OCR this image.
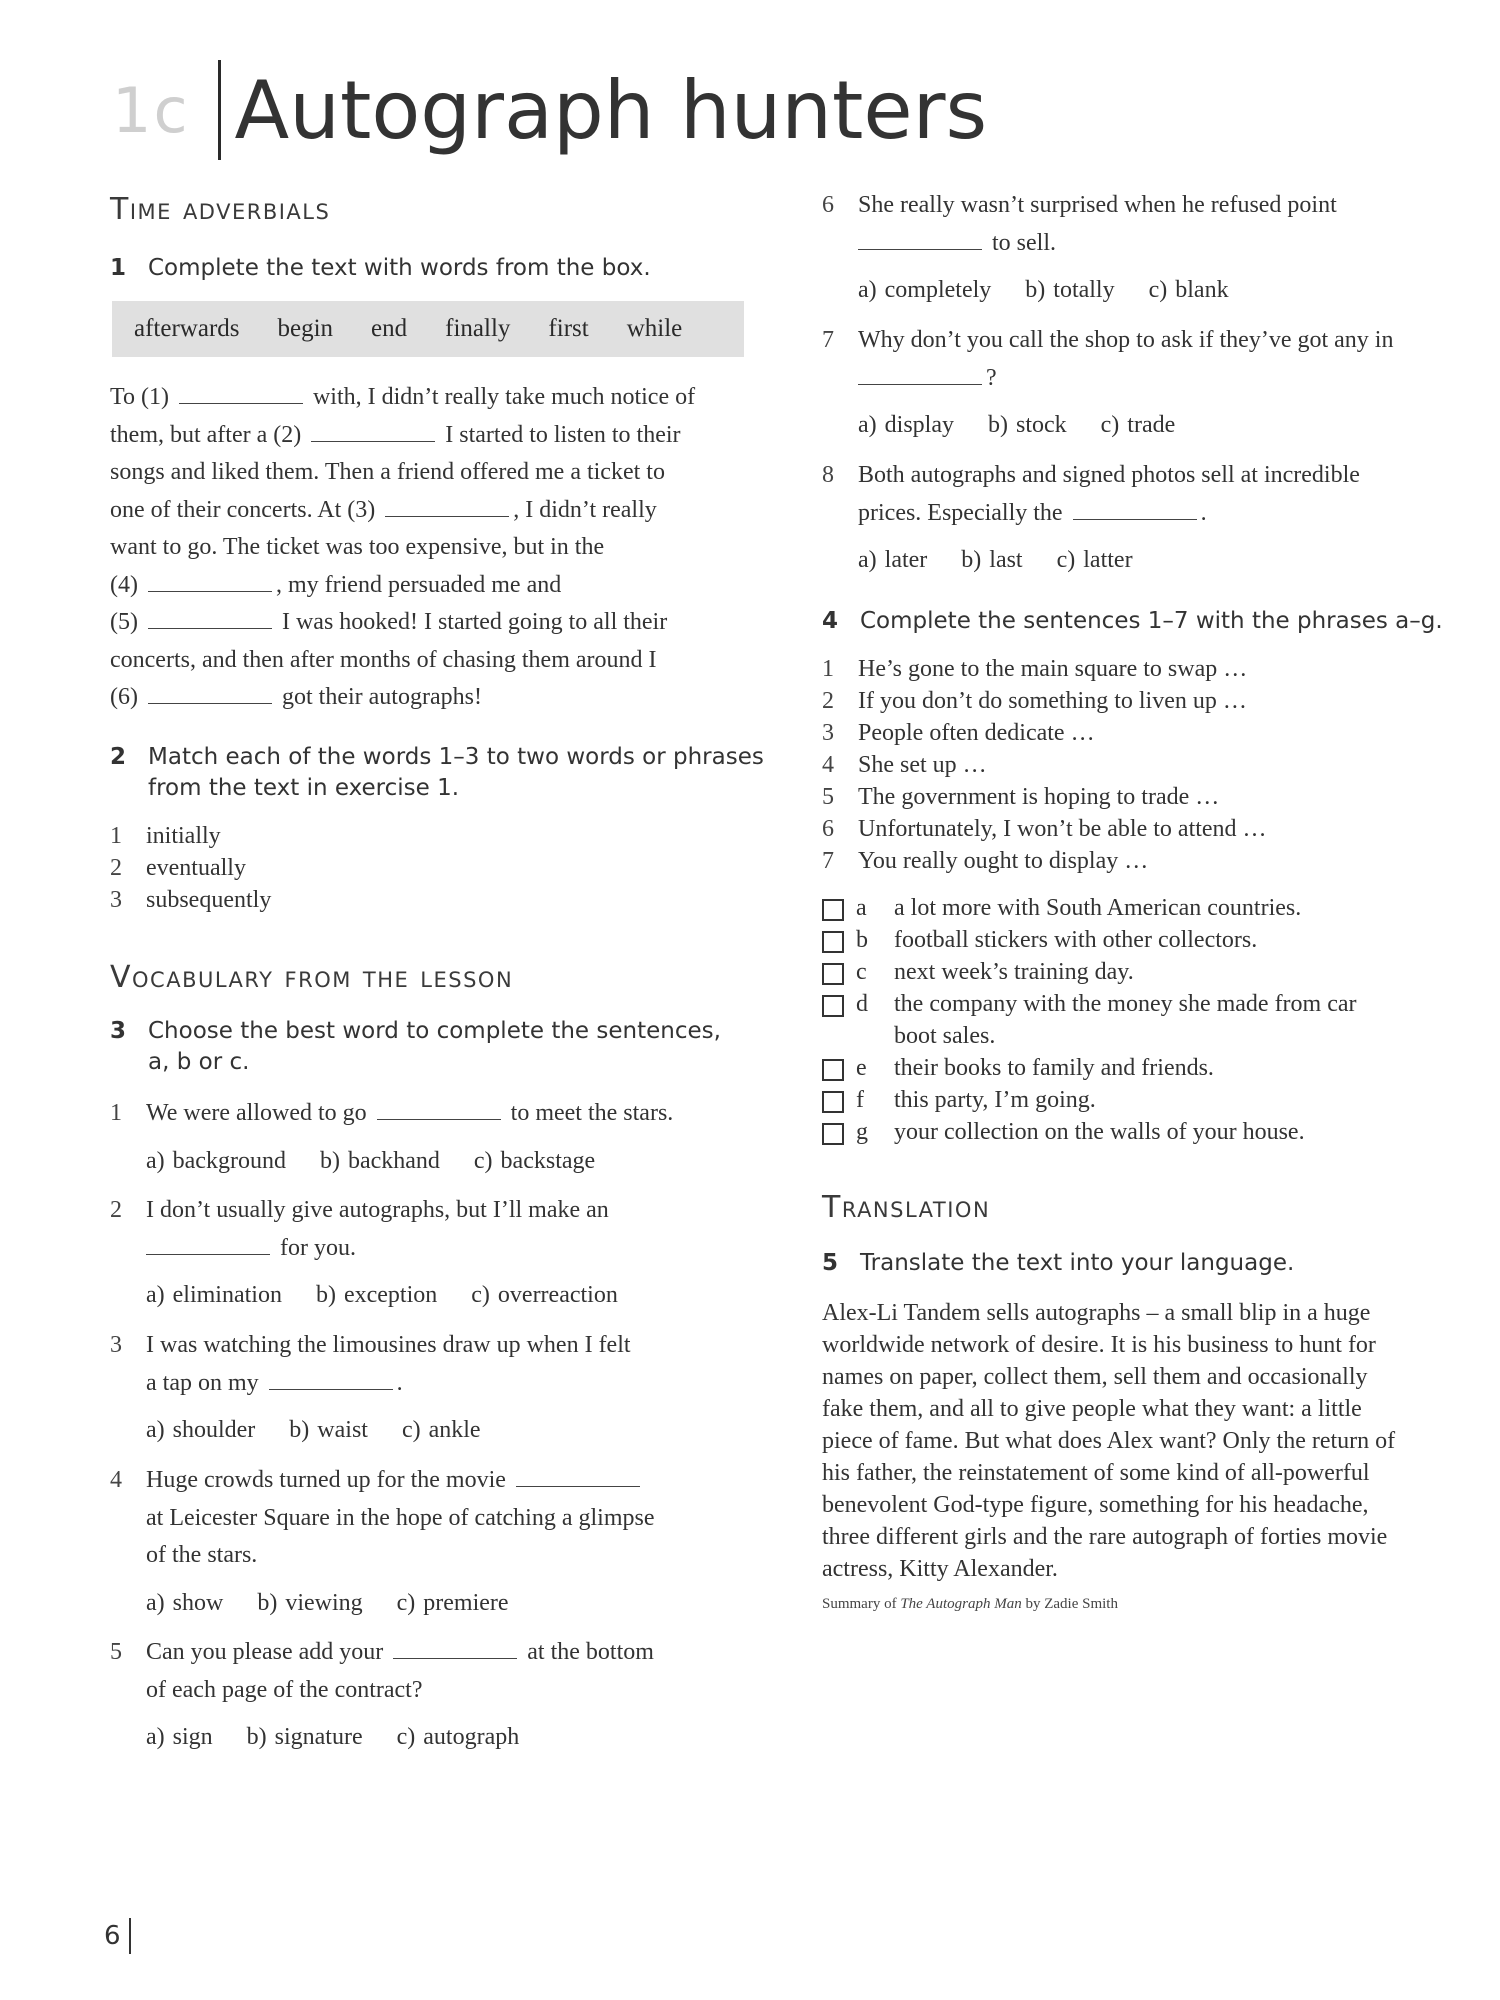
1c Autograph hunters
Time adverbials
1 Complete the text with words from the box.
afterwards begin end finally first while
To (1)	with, I didn’t really take much notice of
them, but after a (2)	I started to listen to their
songs and liked them. Then a friend offered me a ticket to
one of their concerts. At (3)	, I didn’t really
want to go. The ticket was too expensive, but in the
(4)	, my friend persuaded me and
(5)	I was hooked! I started going to all their
concerts, and then after months of chasing them around I
(6)	got their autographs!
2 Match each of the words 1–3 to two words or phrases
from the text in exercise 1.
1	initially
2	eventually
3	subsequently
Vocabulary from the lesson
3 Choose the best word to complete the sentences,
a, b or c.
1	We were allowed to go	to meet the stars.
a) background b) backhand c) backstage
2	I don’t usually give autographs, but I’ll make an
for you.
a) elimination b) exception c) overreaction
3	I was watching the limousines draw up when I felt
a tap on my	.
a) shoulder b) waist c) ankle
4	Huge crowds turned up for the movie
at Leicester Square in the hope of catching a glimpse
of the stars.
a) show b) viewing c) premiere
5	Can you please add your	at the bottom
of each page of the contract?
a) sign b) signature c) autograph
6	She really wasn’t surprised when he refused point
to sell.
a) completely b) totally c) blank
7	Why don’t you call the shop to ask if they’ve got any in
?
a) display b) stock c) trade
8	Both autographs and signed photos sell at incredible
prices. Especially the	.
a) later b) last c) latter
4 Complete the sentences 1–7 with the phrases a–g.
1	He’s gone to the main square to swap …
2	If you don’t do something to liven up …
3	People often dedicate …
4	She set up …
5	The government is hoping to trade …
6	Unfortunately, I won’t be able to attend …
7	You really ought to display …
a	a lot more with South American countries.
b	football stickers with other collectors.
c	next week’s training day.
d	the company with the money she made from car
boot sales.
e	their books to family and friends.
f	this party, I’m going.
g	your collection on the walls of your house.
Translation
5 Translate the text into your language.
Alex-Li Tandem sells autographs – a small blip in a huge
worldwide network of desire. It is his business to hunt for
names on paper, collect them, sell them and occasionally
fake them, and all to give people what they want: a little
piece of fame. But what does Alex want? Only the return of
his father, the reinstatement of some kind of all-powerful
benevolent God-type figure, something for his headache,
three different girls and the rare autograph of forties movie
actress, Kitty Alexander.
Summary of The Autograph Man by Zadie Smith
6
